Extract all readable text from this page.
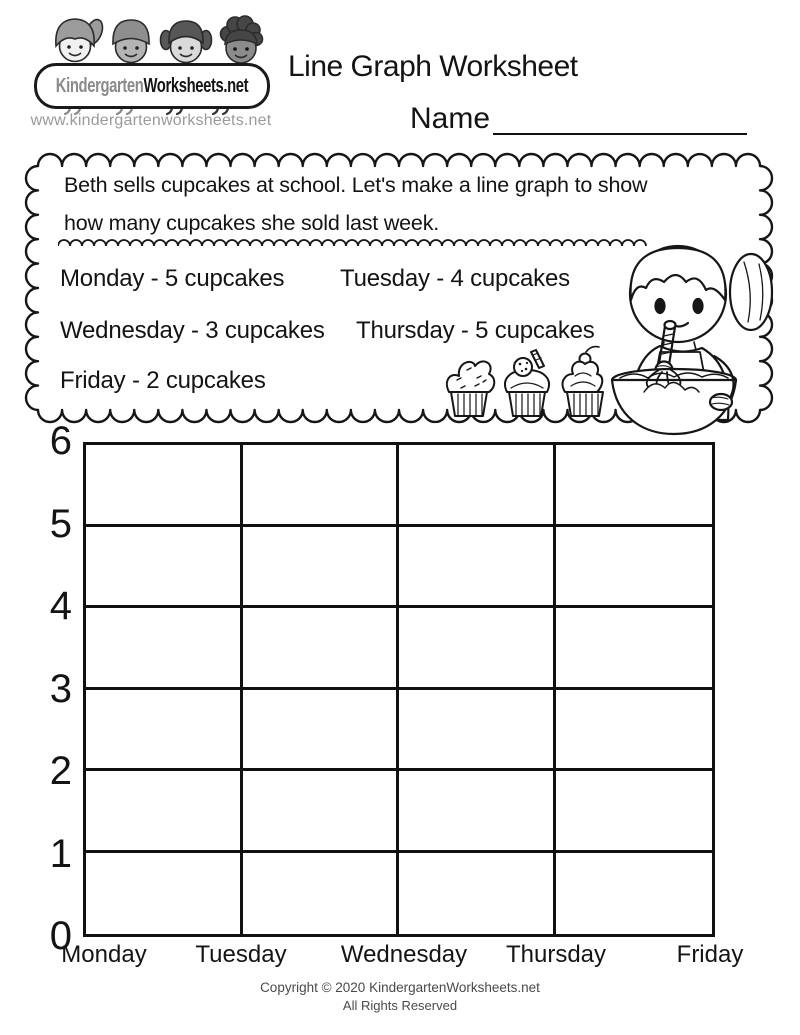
KindergartenWorksheets.net
www.kindergartenworksheets.net
Line Graph Worksheet
Name
Beth sells cupcakes at school. Let's make a line graph to show
how many cupcakes she sold last week.
Monday - 5 cupcakes Tuesday - 4 cupcakes
Wednesday - 3 cupcakes Thursday - 5 cupcakes
Friday - 2 cupcakes
6
5
4
3
2
1
0
Monday Tuesday Wednesday Thursday	Friday
Copyright © 2020 KindergartenWorksheets.net
All Rights Reserved
